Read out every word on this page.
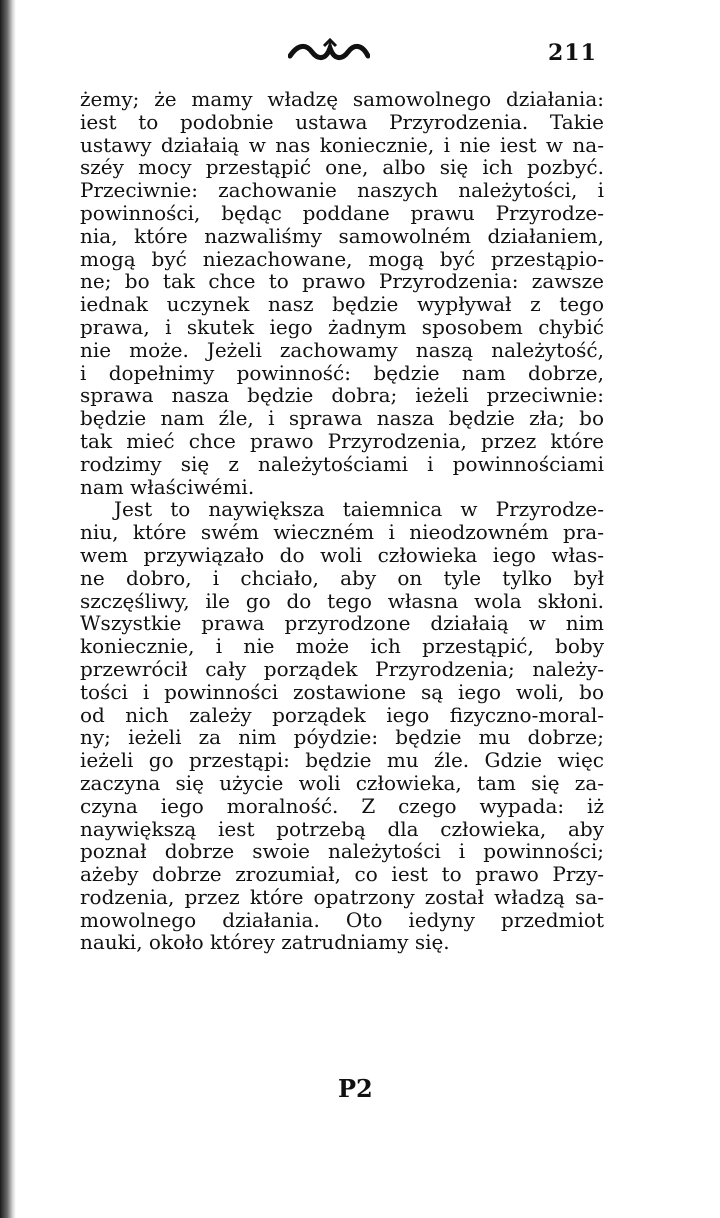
211
żemy; że mamy władzę samowolnego działania:
iest to podobnie ustawa Przyrodzenia. Takie
ustawy działaią w nas koniecznie, i nie iest w na-
széy mocy przestąpić one, albo się ich pozbyć.
Przeciwnie: zachowanie naszych należytości, i
powinności, będąc poddane prawu Przyrodze-
nia, które nazwaliśmy samowolném działaniem,
mogą być niezachowane, mogą być przestąpio-
ne; bo tak chce to prawo Przyrodzenia: zawsze
iednak uczynek nasz będzie wypływał z tego
prawa, i skutek iego żadnym sposobem chybić
nie może. Jeżeli zachowamy naszą należytość,
i dopełnimy powinność: będzie nam dobrze,
sprawa nasza będzie dobra; ieżeli przeciwnie:
będzie nam źle, i sprawa nasza będzie zła; bo
tak mieć chce prawo Przyrodzenia, przez które
rodzimy się z należytościami i powinnościami
nam właściwémi.
Jest to naywiększa taiemnica w Przyrodze-
niu, które swém wieczném i nieodzowném pra-
wem przywiązało do woli człowieka iego włas-
ne dobro, i chciało, aby on tyle tylko był
szczęśliwy, ile go do tego własna wola skłoni.
Wszystkie prawa przyrodzone działaią w nim
koniecznie, i nie może ich przestąpić, boby
przewrócił cały porządek Przyrodzenia; należy-
tości i powinności zostawione są iego woli, bo
od nich zależy porządek iego fizyczno-moral-
ny; ieżeli za nim póydzie: będzie mu dobrze;
ieżeli go przestąpi: będzie mu źle. Gdzie więc
zaczyna się użycie woli człowieka, tam się za-
czyna iego moralność. Z czego wypada: iż
naywiększą iest potrzebą dla człowieka, aby
poznał dobrze swoie należytości i powinności;
ażeby dobrze zrozumiał, co iest to prawo Przy-
rodzenia, przez które opatrzony został władzą sa-
mowolnego działania. Oto iedyny przedmiot
nauki, około którey zatrudniamy się.
P2
